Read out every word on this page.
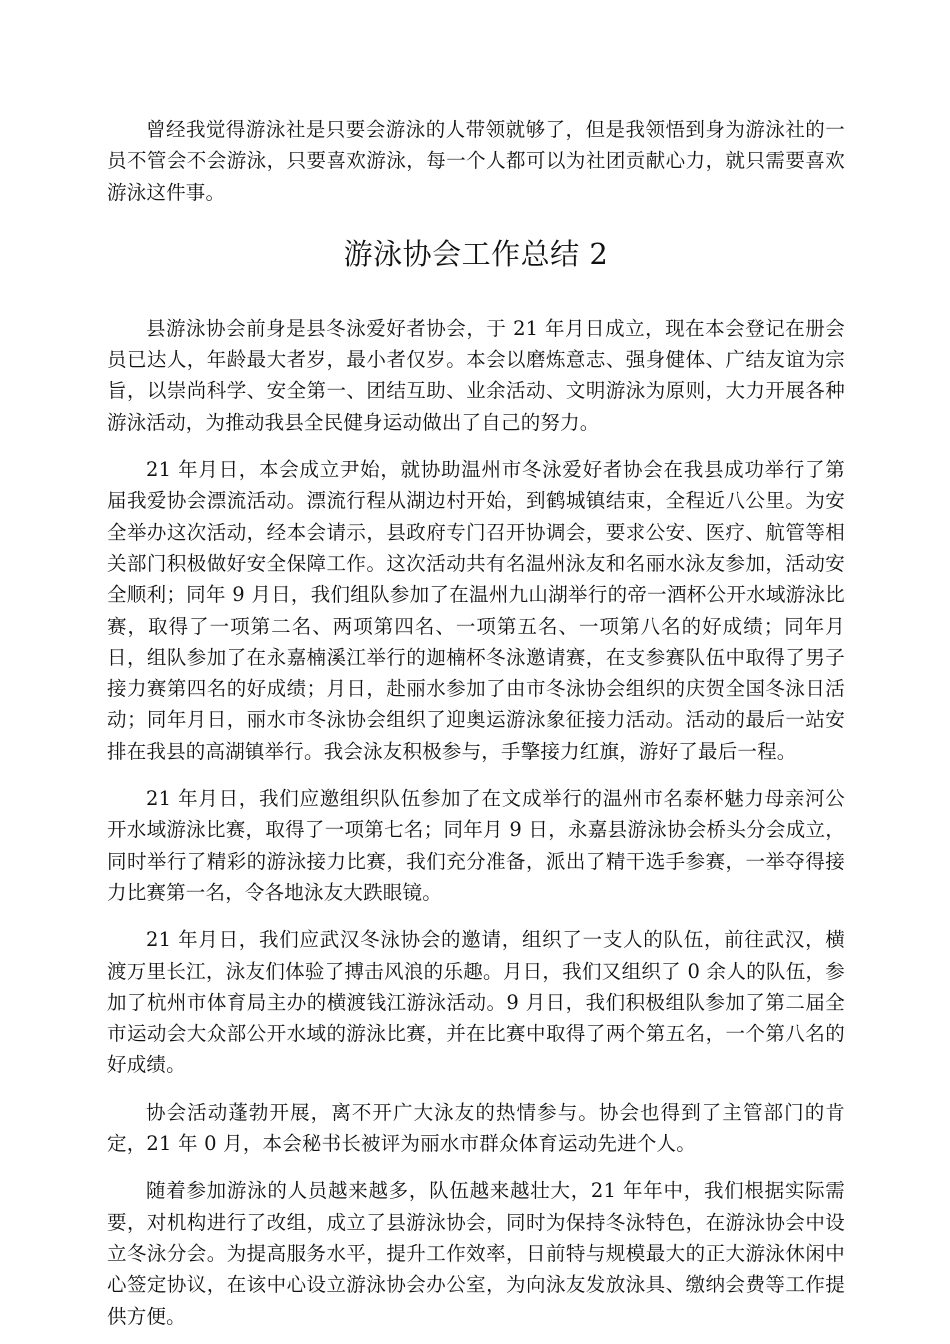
曾经我觉得游泳社是只要会游泳的人带领就够了，但是我领悟到身为游泳社的一员不管会不会游泳，只要喜欢游泳，每一个人都可以为社团贡献心力，就只需要喜欢游泳这件事。

游泳协会工作总结 2

县游泳协会前身是县冬泳爱好者协会，于 21 年月日成立，现在本会登记在册会员已达人，年龄最大者岁，最小者仅岁。本会以磨炼意志、强身健体、广结友谊为宗旨，以崇尚科学、安全第一、团结互助、业余活动、文明游泳为原则，大力开展各种游泳活动，为推动我县全民健身运动做出了自己的努力。

21 年月日，本会成立尹始，就协助温州市冬泳爱好者协会在我县成功举行了第届我爱协会漂流活动。漂流行程从湖边村开始，到鹤城镇结束，全程近八公里。为安全举办这次活动，经本会请示，县政府专门召开协调会，要求公安、医疗、航管等相关部门积极做好安全保障工作。这次活动共有名温州泳友和名丽水泳友参加，活动安全顺利；同年 9 月日，我们组队参加了在温州九山湖举行的帝一酒杯公开水域游泳比赛，取得了一项第二名、两项第四名、一项第五名、一项第八名的好成绩；同年月日，组队参加了在永嘉楠溪江举行的迦楠杯冬泳邀请赛，在支参赛队伍中取得了男子接力赛第四名的好成绩；月日，赴丽水参加了由市冬泳协会组织的庆贺全国冬泳日活动；同年月日，丽水市冬泳协会组织了迎奥运游泳象征接力活动。活动的最后一站安排在我县的高湖镇举行。我会泳友积极参与，手擎接力红旗，游好了最后一程。

21 年月日，我们应邀组织队伍参加了在文成举行的温州市名泰杯魅力母亲河公开水域游泳比赛，取得了一项第七名；同年月 9 日，永嘉县游泳协会桥头分会成立，同时举行了精彩的游泳接力比赛，我们充分准备，派出了精干选手参赛，一举夺得接力比赛第一名，令各地泳友大跌眼镜。

21 年月日，我们应武汉冬泳协会的邀请，组织了一支人的队伍，前往武汉，横渡万里长江，泳友们体验了搏击风浪的乐趣。月日，我们又组织了 0 余人的队伍，参加了杭州市体育局主办的横渡钱江游泳活动。9 月日，我们积极组队参加了第二届全市运动会大众部公开水域的游泳比赛，并在比赛中取得了两个第五名，一个第八名的好成绩。

协会活动蓬勃开展，离不开广大泳友的热情参与。协会也得到了主管部门的肯定，21 年 0 月，本会秘书长被评为丽水市群众体育运动先进个人。

随着参加游泳的人员越来越多，队伍越来越壮大，21 年年中，我们根据实际需要，对机构进行了改组，成立了县游泳协会，同时为保持冬泳特色，在游泳协会中设立冬泳分会。为提高服务水平，提升工作效率，日前特与规模最大的正大游泳休闲中心签定协议，在该中心设立游泳协会办公室，为向泳友发放泳具、缴纳会费等工作提供方便。
